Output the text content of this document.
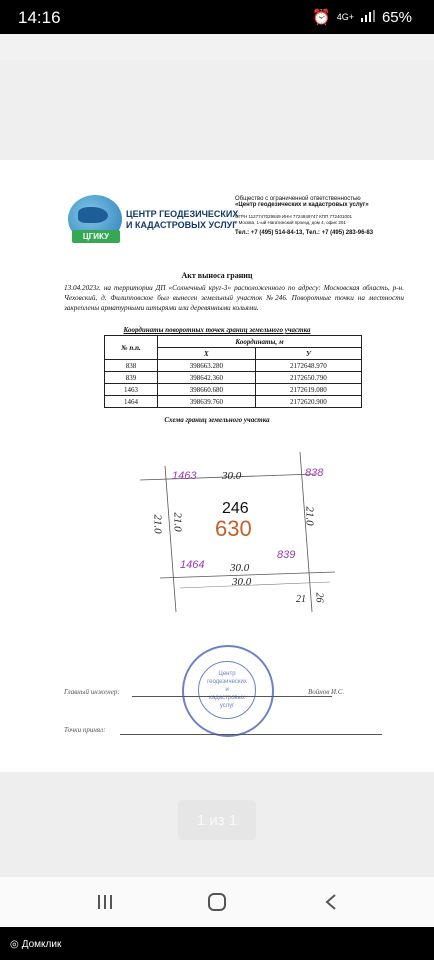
14:16	⏰ 4G+ 65%
ЦГИКУ
ЦЕНТР ГЕОДЕЗИЧЕСКИХ
И КАДАСТРОВЫХ УСЛУГ
Общество с ограниченной ответственностью
«Центр геодезических и кадастровых услуг»
ОГРН 1127747029849 ИНН 7724849747 КПП 772401001
г. Москва, 1-ый Нагатинский проезд, дом 4, офис 201
Тел.: +7 (495) 514-84-13, Тел.: +7 (495) 283-96-83
Акт выноса границ
13.04.2023г. на территории ДП «Солнечный круг-3» расположенного по адресу: Московская область, р-н. Чеховский, д. Филипповское был вынесен земельный участок №246. Поворотные точки на местности закреплены арматурными штырями или деревянными кольями.
Координаты поворотных точек границ земельного участка
№ п.п.	Координаты, м	
	X	У
838	398663.280	2172648.970
839	398642.360	2172650.790
1463	398660.680	2172619.080
1464	398639.760	2172620.900
Схема границ земельного участка
1463	838
839
1464
30.0
30.0
30.0
21.0
21.0	21.0
246
630
21 26
Центр
геодезических
и
кадастровых
услуг
Главный инженер:	Войнов И.С.
Точки принял:
1 из 1
◎ Домклик
